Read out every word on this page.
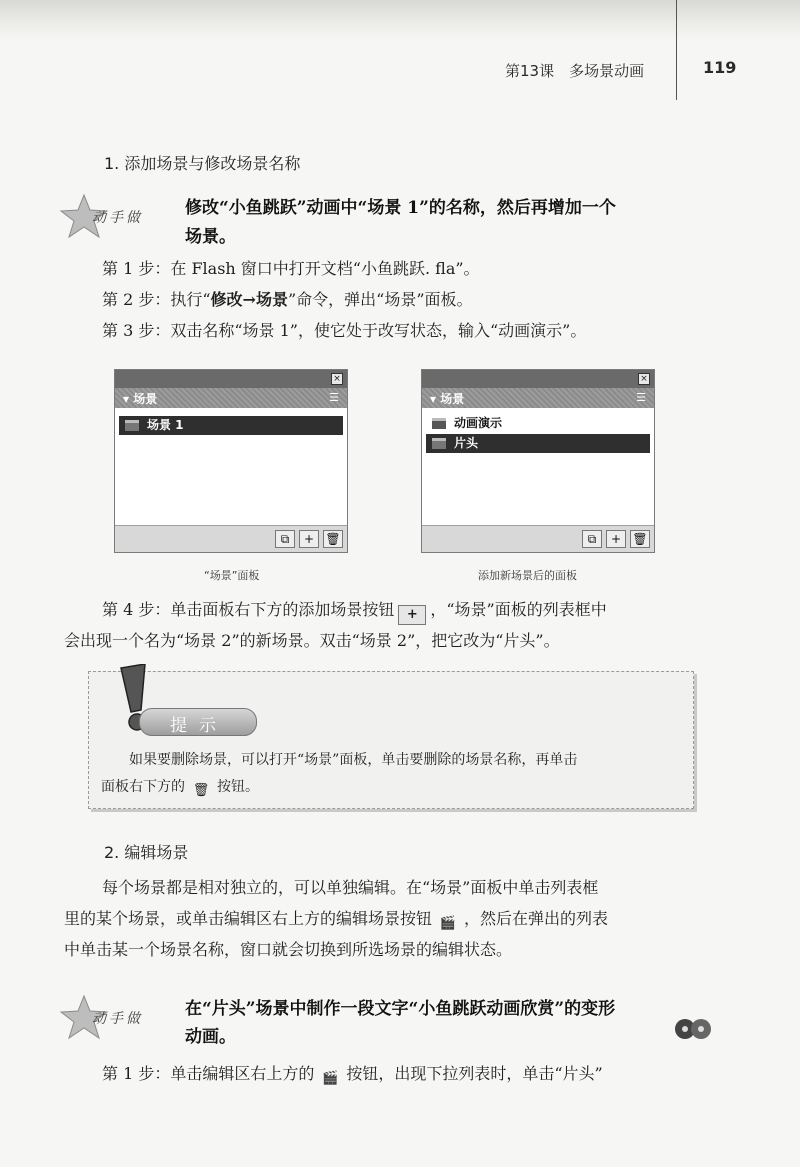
第13课　多场景动画	119
1. 添加场景与修改场景名称
动手做 修改“小鱼跳跃”动画中“场景 1”的名称，然后再增加一个
场景。
第 1 步：在 Flash 窗口中打开文档“小鱼跳跃. fla”。
第 2 步：执行“修改→场景”命令，弹出“场景”面板。
第 3 步：双击名称“场景 1”，使它处于改写状态，输入“动画演示”。
×
▾ 场景	☰
场景 1
⧉	+ 🗑
“场景”面板
×
▾ 场景	☰
动画演示
片头
⧉	+ 🗑
添加新场景后的面板
第 4 步：单击面板右下方的添加场景按钮 + ，“场景”面板的列表框中
会出现一个名为“场景 2”的新场景。双击“场景 2”，把它改为“片头”。
提示
如果要删除场景，可以打开“场景”面板，单击要删除的场景名称，再单击
面板右下方的 🗑 按钮。
2. 编辑场景
每个场景都是相对独立的，可以单独编辑。在“场景”面板中单击列表框
里的某个场景，或单击编辑区右上方的编辑场景按钮 🎬 ，然后在弹出的列表
中单击某一个场景名称，窗口就会切换到所选场景的编辑状态。
动手做 在“片头”场景中制作一段文字“小鱼跳跃动画欣赏”的变形
动画。
第 1 步：单击编辑区右上方的 🎬 按钮，出现下拉列表时，单击“片头”
